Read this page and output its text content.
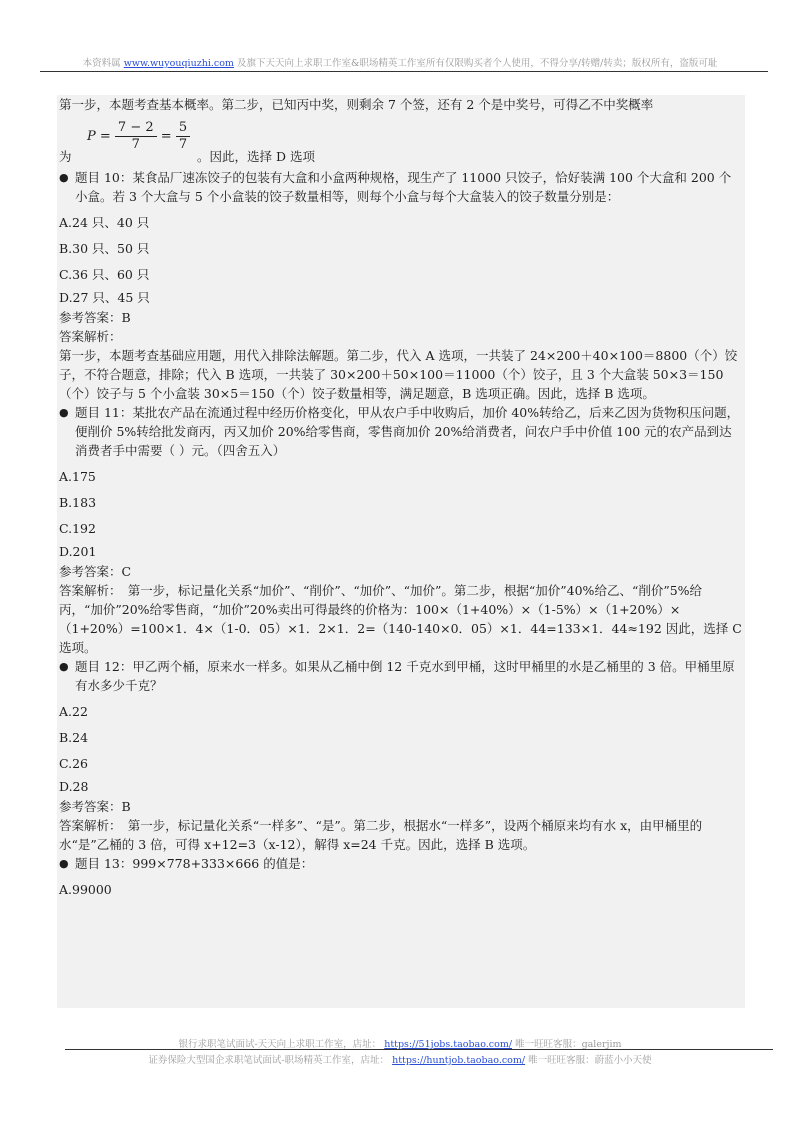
本资料属 www.wuyouqiuzhi.com 及旗下天天向上求职工作室&职场精英工作室所有仅限购买者个人使用，不得分享/转赠/转卖；版权所有，盗版可耻

第一步，本题考查基本概率。第二步，已知丙中奖，则剩余 7 个签，还有 2 个是中奖号，可得乙不中奖概率

为
$P = \frac{7 - 2}{7} = \frac{5}{7}$
。因此，选择 D 选项
● 题目 10：某食品厂速冻饺子的包装有大盒和小盒两种规格，现生产了 11000 只饺子，恰好装满 100 个大盒和 200 个小盒。若 3 个大盒与 5 个小盒装的饺子数量相等，则每个小盒与每个大盒装入的饺子数量分别是：

A.24 只、40 只

B.30 只、50 只

C.36 只、60 只

D.27 只、45 只

参考答案：B

答案解析：

第一步，本题考查基础应用题，用代入排除法解题。第二步，代入 A 选项，一共装了 24×200＋40×100＝8800（个）饺子，不符合题意，排除；代入 B 选项，一共装了 30×200＋50×100＝11000（个）饺子，且 3 个大盒装 50×3＝150（个）饺子与 5 个小盒装 30×5＝150（个）饺子数量相等，满足题意，B 选项正确。因此，选择 B 选项。

● 题目 11：某批农产品在流通过程中经历价格变化，甲从农户手中收购后，加价 40%转给乙，后来乙因为货物积压问题，便削价 5%转给批发商丙，丙又加价 20%给零售商，零售商加价 20%给消费者，问农户手中价值 100 元的农产品到达消费者手中需要（ ）元。（四舍五入）

A.175

B.183

C.192

D.201

参考答案：C

答案解析：　第一步，标记量化关系“加价”、“削价”、“加价”、“加价”。第二步，根据“加价”40%给乙、“削价”5%给丙，“加价”20%给零售商，“加价”20%卖出可得最终的价格为：100×（1+40%）×（1-5%）×（1+20%）×（1+20%）=100×1．4×（1-0．05）×1．2×1．2=（140-140×0．05）×1．44=133×1．44≈192 因此，选择 C 选项。

● 题目 12：甲乙两个桶，原来水一样多。如果从乙桶中倒 12 千克水到甲桶，这时甲桶里的水是乙桶里的 3 倍。甲桶里原有水多少千克？

A.22

B.24

C.26

D.28

参考答案：B

答案解析：　第一步，标记量化关系“一样多”、“是”。第二步，根据水“一样多”，设两个桶原来均有水 x，由甲桶里的水“是”乙桶的 3 倍，可得 x+12=3（x-12），解得 x=24 千克。因此，选择 B 选项。

● 题目 13：999×778+333×666 的值是：

A.99000

银行求职笔试面试-天天向上求职工作室，店址： https://51jobs.taobao.com/ 唯一旺旺客服：galerjim
证券保险大型国企求职笔试面试-职场精英工作室，店址： https://huntjob.taobao.com/ 唯一旺旺客服：蔚蓝小小天使
